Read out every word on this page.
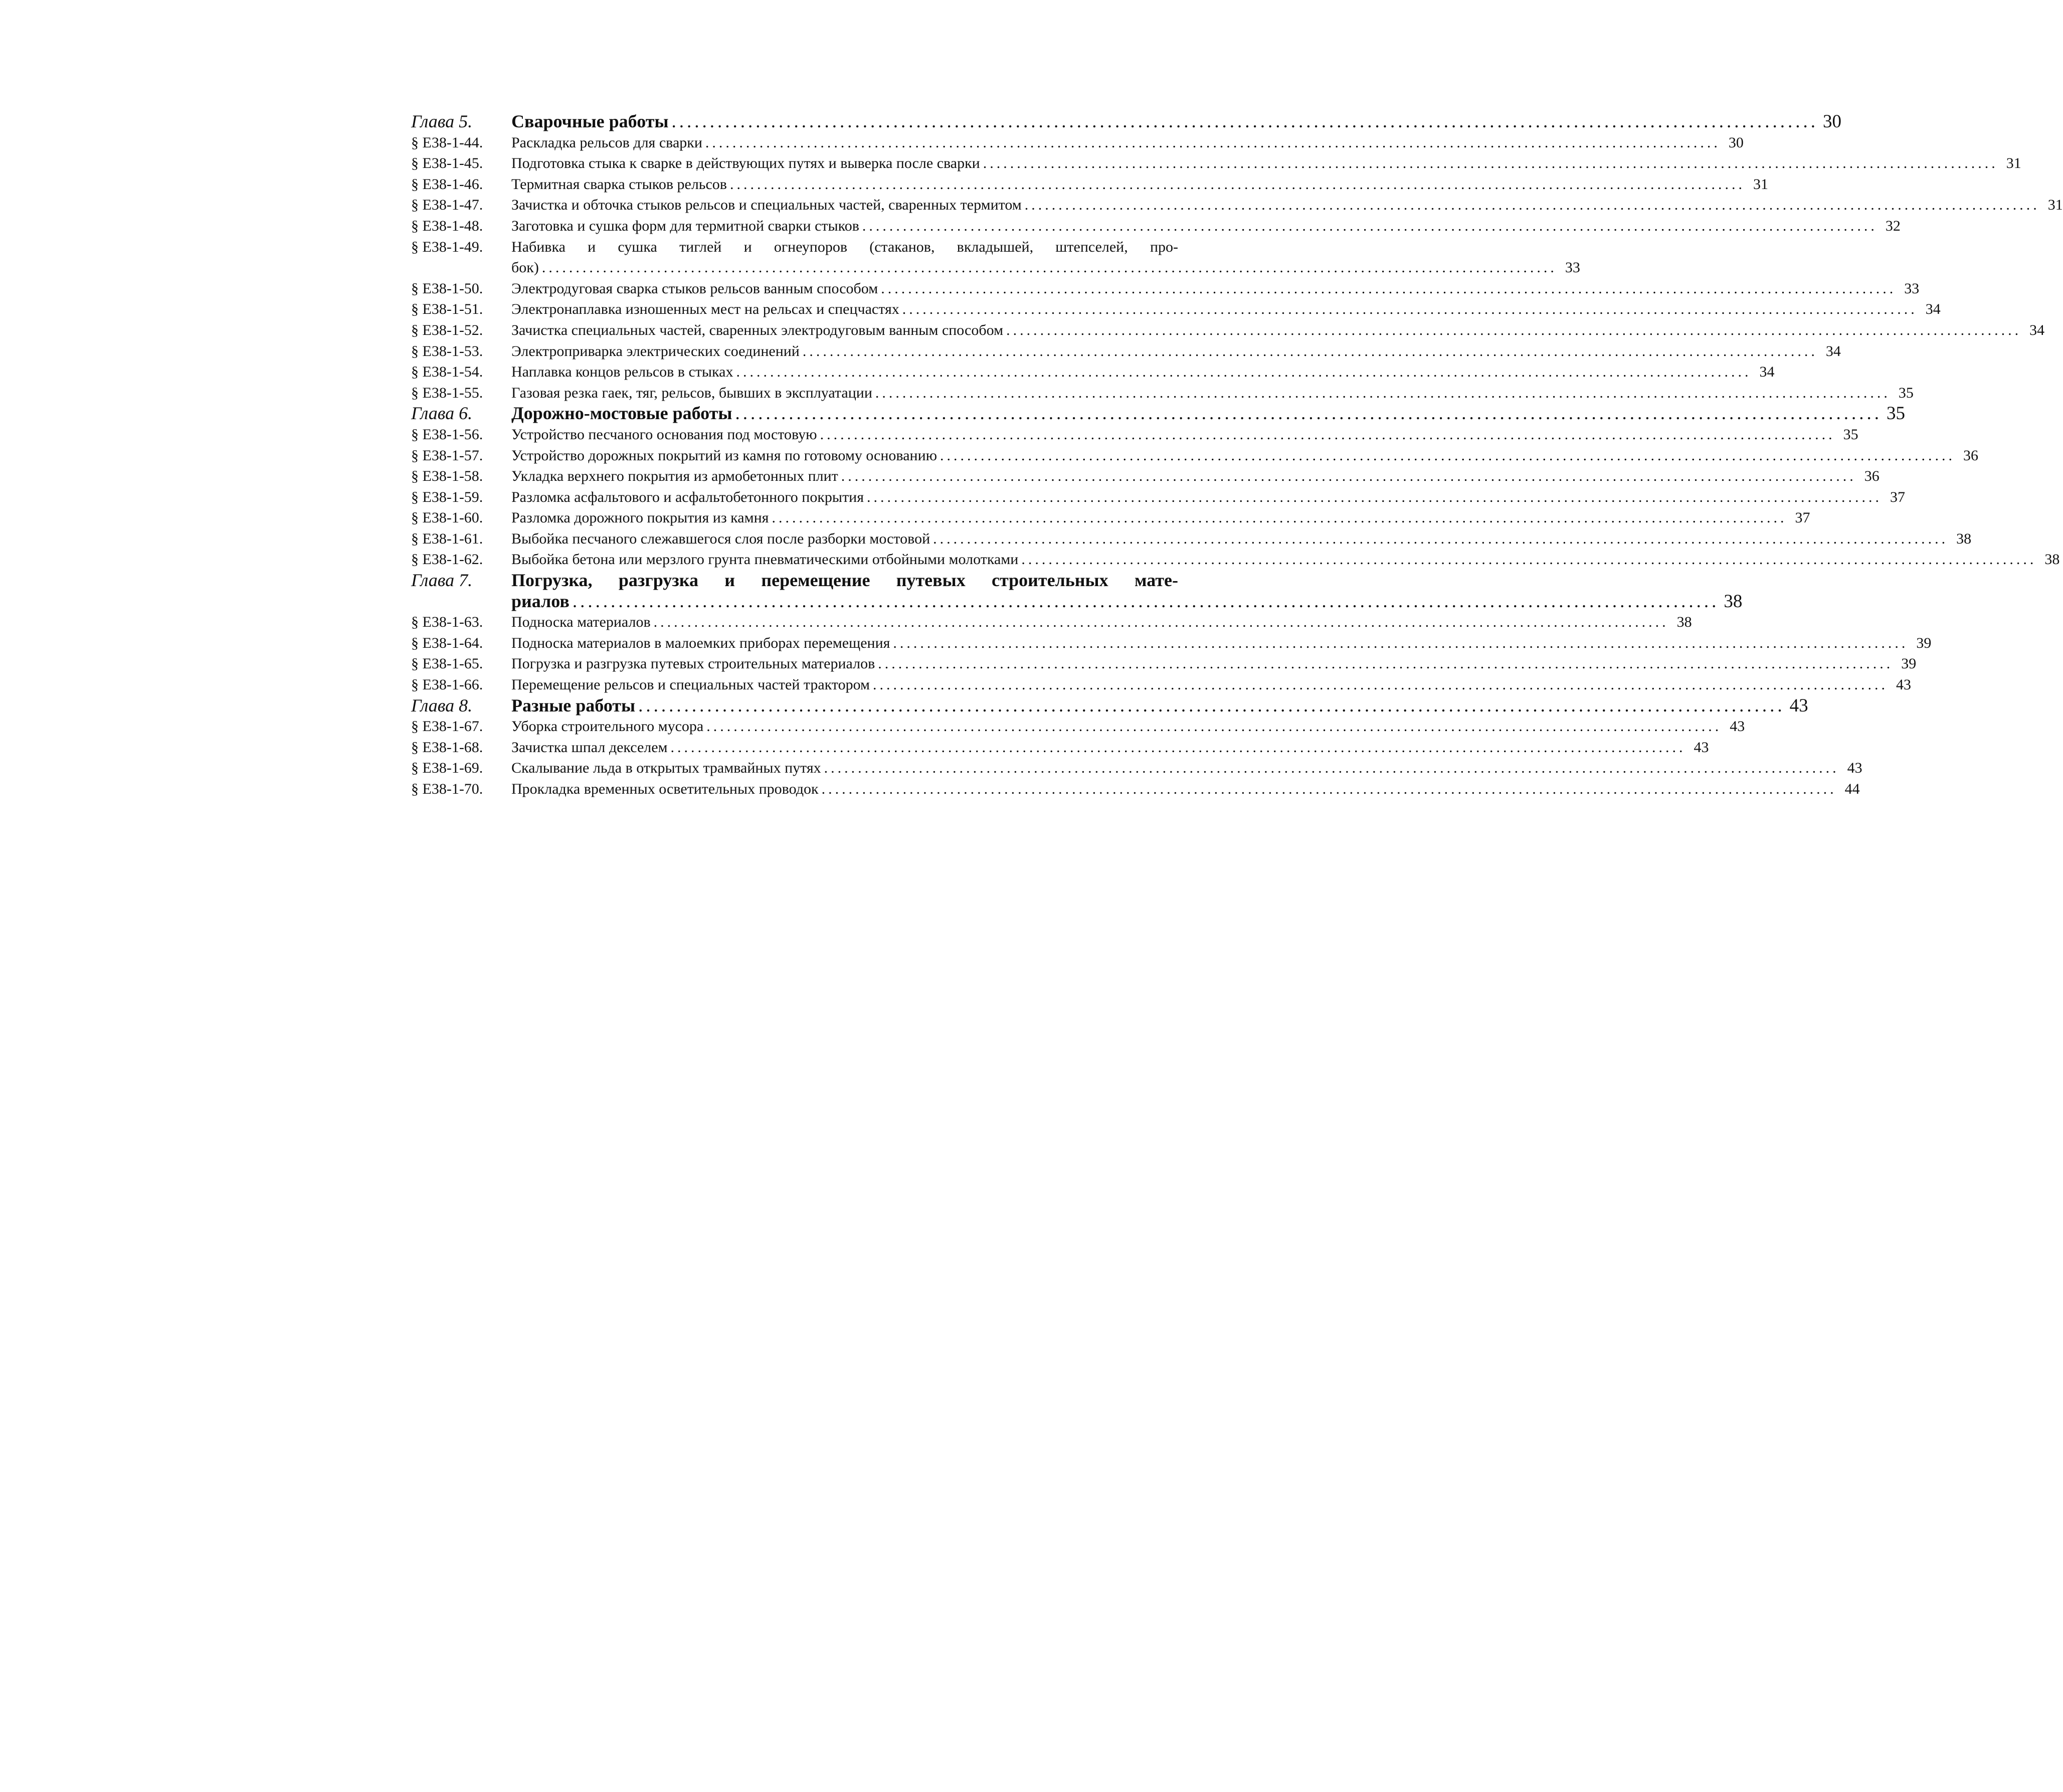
Глава 5.	Сварочные работы ...................................................................................................................................................... 30
§ Е38-1-44.	Раскладка рельсов для сварки ...................................................................................................................................................... 30
§ Е38-1-45.	Подготовка стыка к сварке в действующих путях и выверка после сварки ...................................................................................................................................................... 31
§ Е38-1-46.	Термитная сварка стыков рельсов ...................................................................................................................................................... 31
§ Е38-1-47.	Зачистка и обточка стыков рельсов и специальных частей, сваренных термитом ...................................................................................................................................................... 31
§ Е38-1-48.	Заготовка и сушка форм для термитной сварки стыков ...................................................................................................................................................... 32
§ Е38-1-49.	Набивка и сушка тиглей и огнеупоров (стаканов, вкладышей, штепселей, про-
бок) ...................................................................................................................................................... 33
§ Е38-1-50.	Электродуговая сварка стыков рельсов ванным способом ...................................................................................................................................................... 33
§ Е38-1-51.	Электронаплавка изношенных мест на рельсах и спецчастях ...................................................................................................................................................... 34
§ Е38-1-52.	Зачистка специальных частей, сваренных электродуговым ванным способом ...................................................................................................................................................... 34
§ Е38-1-53.	Электроприварка электрических соединений ...................................................................................................................................................... 34
§ Е38-1-54.	Наплавка концов рельсов в стыках ...................................................................................................................................................... 34
§ Е38-1-55.	Газовая резка гаек, тяг, рельсов, бывших в эксплуатации ...................................................................................................................................................... 35
Глава 6.	Дорожно-мостовые работы ...................................................................................................................................................... 35
§ Е38-1-56.	Устройство песчаного основания под мостовую ...................................................................................................................................................... 35
§ Е38-1-57.	Устройство дорожных покрытий из камня по готовому основанию ...................................................................................................................................................... 36
§ Е38-1-58.	Укладка верхнего покрытия из армобетонных плит ...................................................................................................................................................... 36
§ Е38-1-59.	Разломка асфальтового и асфальтобетонного покрытия ...................................................................................................................................................... 37
§ Е38-1-60.	Разломка дорожного покрытия из камня ...................................................................................................................................................... 37
§ Е38-1-61.	Выбойка песчаного слежавшегося слоя после разборки мостовой ...................................................................................................................................................... 38
§ Е38-1-62.	Выбойка бетона или мерзлого грунта пневматическими отбойными молотками ...................................................................................................................................................... 38
Глава 7.	Погрузка, разгрузка и перемещение путевых строительных мате-
риалов ...................................................................................................................................................... 38
§ Е38-1-63.	Подноска материалов ...................................................................................................................................................... 38
§ Е38-1-64.	Подноска материалов в малоемких приборах перемещения ...................................................................................................................................................... 39
§ Е38-1-65.	Погрузка и разгрузка путевых строительных материалов ...................................................................................................................................................... 39
§ Е38-1-66.	Перемещение рельсов и специальных частей трактором ...................................................................................................................................................... 43
Глава 8.	Разные работы ...................................................................................................................................................... 43
§ Е38-1-67.	Уборка строительного мусора ...................................................................................................................................................... 43
§ Е38-1-68.	Зачистка шпал декселем ...................................................................................................................................................... 43
§ Е38-1-69.	Скалывание льда в открытых трамвайных путях ...................................................................................................................................................... 43
§ Е38-1-70.	Прокладка временных осветительных проводок ...................................................................................................................................................... 44
